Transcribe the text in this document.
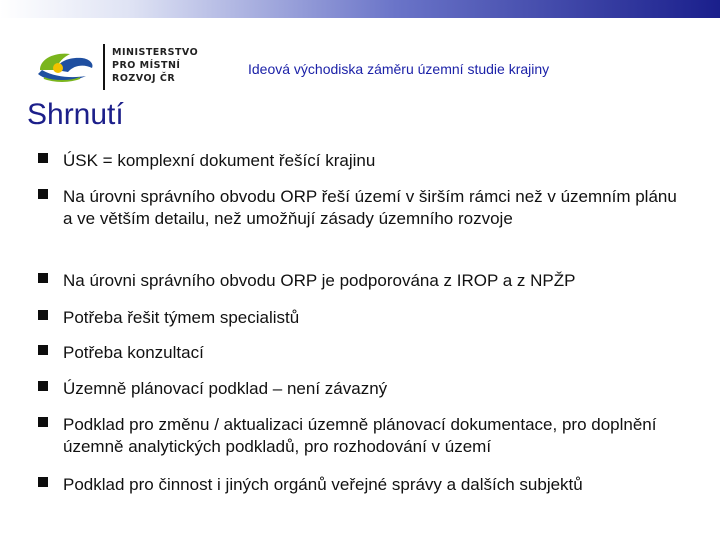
MINISTERSTVO
PRO MÍSTNÍ
ROZVOJ ČR
Ideová východiska záměru územní studie krajiny
Shrnutí
ÚSK = komplexní dokument řešící krajinu
Na úrovni správního obvodu ORP řeší území v širším rámci než v územním plánu a ve větším detailu, než umožňují zásady územního rozvoje
Na úrovni správního obvodu ORP je podporována z IROP a z NPŽP
Potřeba řešit týmem specialistů
Potřeba konzultací
Územně plánovací podklad – není závazný
Podklad pro změnu / aktualizaci územně plánovací dokumentace, pro doplnění územně analytických podkladů, pro rozhodování v území
Podklad pro činnost i jiných orgánů veřejné správy a dalších subjektů
